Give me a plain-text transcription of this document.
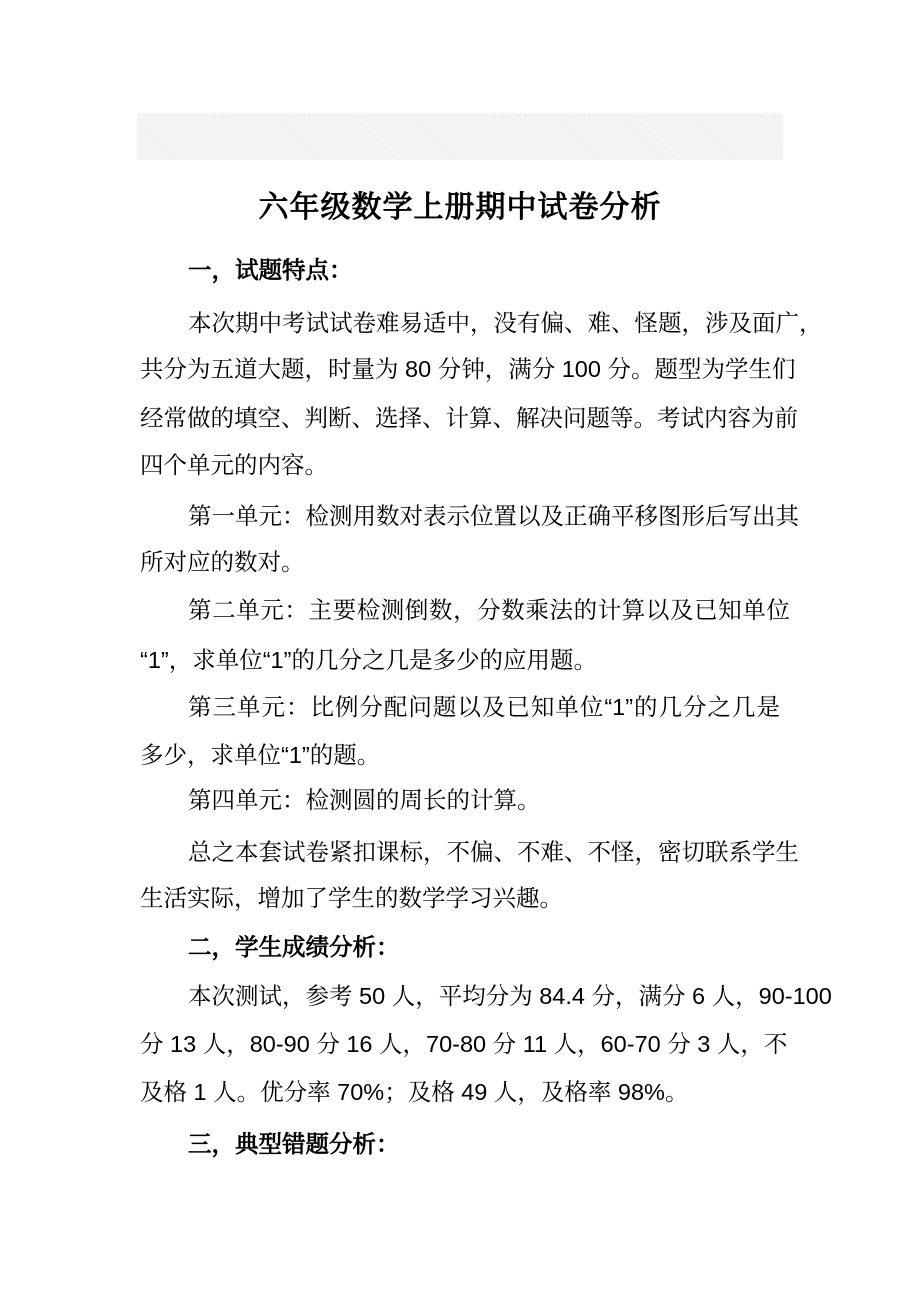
六年级数学上册期中试卷分析
一，试题特点：
本次期中考试试卷难易适中，没有偏、难、怪题，涉及面广，
共分为五道大题，时量为 80 分钟，满分 100 分。题型为学生们
经常做的填空、判断、选择、计算、解决问题等。考试内容为前
四个单元的内容。
第一单元：检测用数对表示位置以及正确平移图形后写出其
所对应的数对。
第二单元：主要检测倒数，分数乘法的计算以及已知单位
“1”，求单位“1”的几分之几是多少的应用题。
第三单元：比例分配问题以及已知单位“1”的几分之几是
多少，求单位“1”的题。
第四单元：检测圆的周长的计算。
总之本套试卷紧扣课标，不偏、不难、不怪，密切联系学生
生活实际，增加了学生的数学学习兴趣。
二，学生成绩分析：
本次测试，参考 50 人，平均分为 84.4 分，满分 6 人，90-100
分 13 人，80-90 分 16 人，70-80 分 11 人，60-70 分 3 人，不
及格 1 人。优分率 70%；及格 49 人，及格率 98%。
三，典型错题分析：
